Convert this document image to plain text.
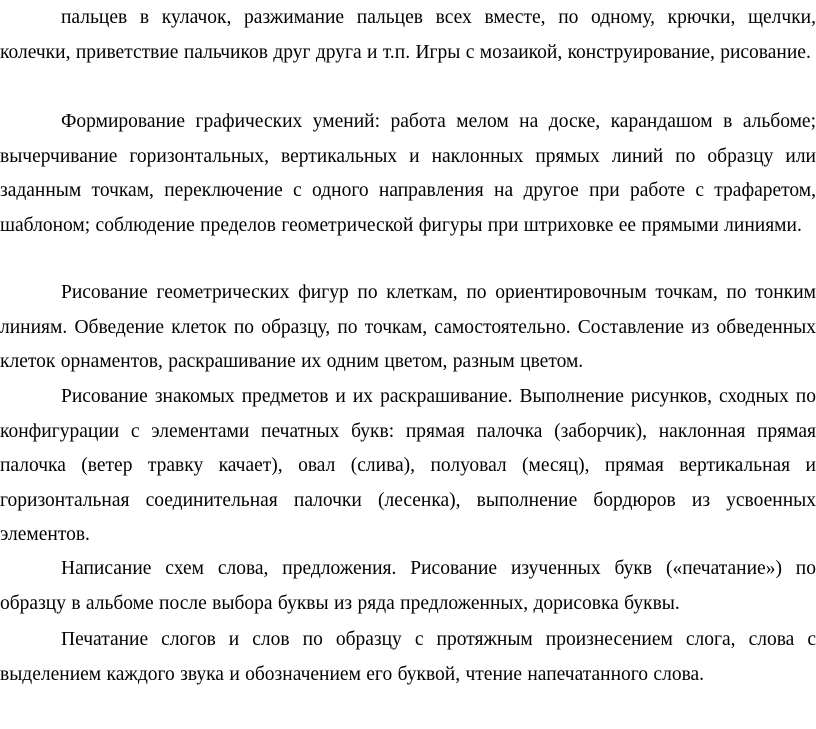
пальцев в кулачок, разжимание пальцев всех вместе, по одному, крючки, щелчки, колечки, приветствие пальчиков друг друга и т.п. Игры с мозаикой, конструирование, рисование.

Формирование графических умений: работа мелом на доске, карандашом в альбоме; вычерчивание горизонтальных, вертикальных и наклонных прямых линий по образцу или заданным точкам, переключение с одного направления на другое при работе с трафаретом, шаблоном; соблюдение пределов геометрической фигуры при штриховке ее прямыми линиями.

Рисование геометрических фигур по клеткам, по ориентировочным точкам, по тонким линиям. Обведение клеток по образцу, по точкам, самостоятельно. Составление из обведенных клеток орнаментов, раскрашивание их одним цветом, разным цветом.

Рисование знакомых предметов и их раскрашивание. Выполнение рисунков, сходных по конфигурации с элементами печатных букв: прямая палочка (заборчик), наклонная прямая палочка (ветер травку качает), овал (слива), полуовал (месяц), прямая вертикальная и горизонтальная соединительная палочки (лесенка), выполнение бордюров из усвоенных элементов.

Написание схем слова, предложения. Рисование изученных букв («печатание») по образцу в альбоме после выбора буквы из ряда предложенных, дорисовка буквы.

Печатание слогов и слов по образцу с протяжным произнесением слога, слова с выделением каждого звука и обозначением его буквой, чтение напечатанного слова.
